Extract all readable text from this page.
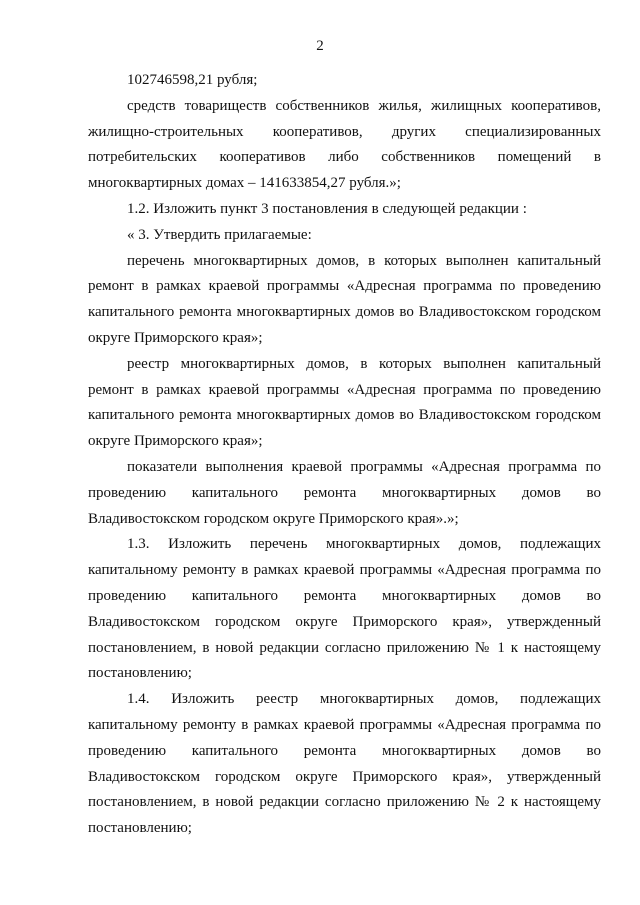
2

102746598,21 рубля;

средств товариществ собственников жилья, жилищных кооперативов, жилищно-строительных кооперативов, других специализированных потребительских кооперативов либо собственников помещений в многоквартирных домах – 141633854,27 рубля.»;

1.2. Изложить пункт 3 постановления в следующей редакции :

« 3. Утвердить прилагаемые:

перечень многоквартирных домов, в которых выполнен капитальный ремонт в рамках краевой программы «Адресная программа по проведению капитального ремонта многоквартирных домов во Владивостокском городском округе Приморского края»;

реестр многоквартирных домов, в которых выполнен капитальный ремонт в рамках краевой программы «Адресная программа по проведению капитального ремонта многоквартирных домов во Владивостокском городском округе Приморского края»;

показатели выполнения краевой программы «Адресная программа по проведению капитального ремонта многоквартирных домов во Владивостокском городском округе Приморского края».»;

1.3. Изложить перечень многоквартирных домов, подлежащих капитальному ремонту в рамках краевой программы «Адресная программа по проведению капитального ремонта многоквартирных домов во Владивостокском городском округе Приморского края», утвержденный постановлением, в новой редакции согласно приложению № 1 к настоящему постановлению;

1.4. Изложить реестр многоквартирных домов, подлежащих капитальному ремонту в рамках краевой программы «Адресная программа по проведению капитального ремонта многоквартирных домов во Владивостокском городском округе Приморского края», утвержденный постановлением, в новой редакции согласно приложению № 2 к настоящему постановлению;
